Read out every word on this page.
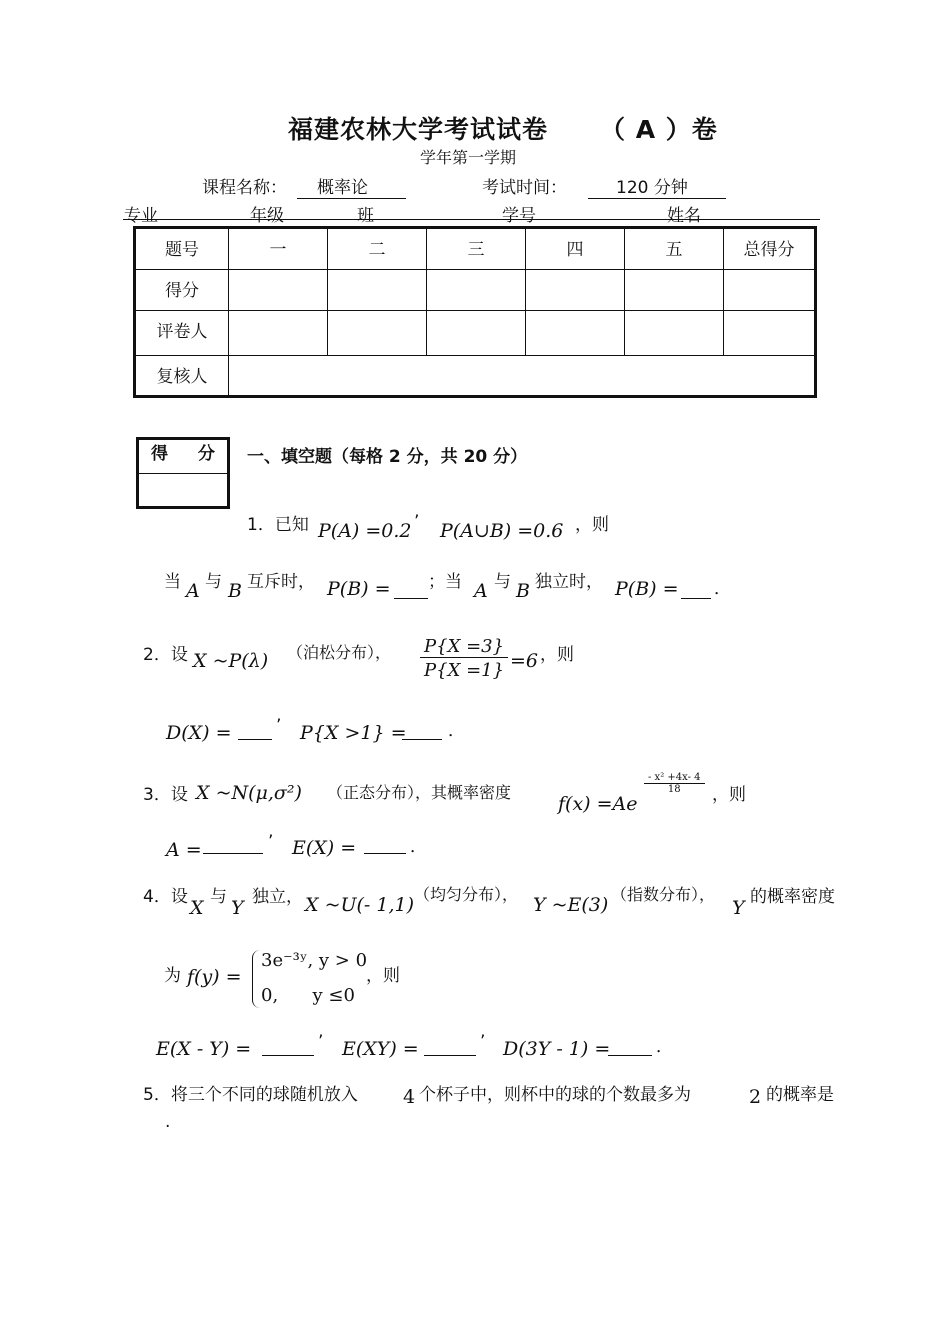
福建农林大学考试试卷 （ A ）卷
学年第一学期
课程名称：	概率论	考试时间：	120 分钟
专业	年级	班	学号	姓名
题号	一	二	三	四	五	总得分
得分						
评卷人						
复核人						
得 分 一、填空题（每格 2 分，共 20 分）
1．已知 P(A) =0.2 ’ P(A∪B) =0.6 ，则
当 A 与 B 互斥时， P(B) = ；当 A 与 B 独立时， P(B) = ．
2．设 X ~P(λ) （泊松分布）， $\frac{P\{X =3\}}{P\{X =1\}} =6$ ，则
D(X) =	’ P{X >1} = ．
3．设 X ~N(μ,σ²) （正态分布），其概率密度
f(x) =Ae
$\frac{\text{- x² +4x- 4}}{18}$ ，则
A =	’ E(X) =	．
4．设 X 与 Y 独立， X ~U(- 1,1) （均匀分布）， Y ~E(3) （指数分布），
Y 的概率密度
为 f(y) =
3e⁻³ʸ, y > 0
0,      y ≤0
，则
E(X - Y) =	’ E(XY) =	’ D(3Y - 1) =	．
5．将三个不同的球随机放入 4 个杯子中，则杯中的球的个数最多为	2 的概率是
.
